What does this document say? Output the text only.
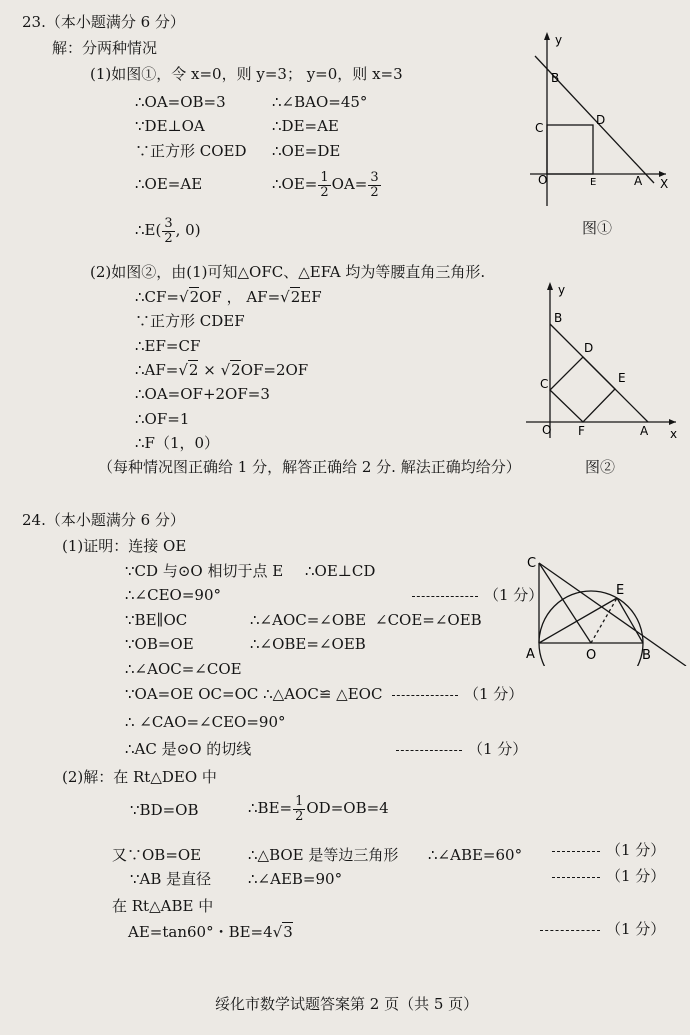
23.（本小题满分 6 分）
解：分两种情况
(1)如图①，令 x=0，则 y=3； y=0，则 x=3
∴OA=OB=3	∴∠BAO=45°
∵DE⊥OA	∴DE=AE
∵正方形 COED ∴OE=DE
∴OE=AE	∴OE= $\frac{1}{2} OA= \frac{3}{2}$
∴E( $\frac{3}{2}$ , 0)
(2)如图②，由(1)可知△OFC、△EFA 均为等腰直角三角形.
∴CF=√2OF ， AF=√2EF
∵正方形 CDEF
∴EF=CF
∴AF=√2 × √2OF=2OF
∴OA=OF+2OF=3
∴OF=1
∴F（1，0）
（每种情况图正确给 1 分，解答正确给 2 分. 解法正确均给分）
y
X
B
C
D
O	E	A
图①
y
x
B
D
E
C
O F	A
图②
24.（本小题满分 6 分）
(1)证明：连接 OE
∵CD 与⊙O 相切于点 E ∴OE⊥CD
∴∠CEO=90°	（1 分）
∵BE∥OC	∴∠AOC=∠OBE ∠COE=∠OEB
∵OB=OE	∴∠OBE=∠OEB
∴∠AOC=∠COE
∵OA=OE OC=OC ∴△AOC≌ △EOC	（1 分）
∴ ∠CAO=∠CEO=90°
∴AC 是⊙O 的切线	（1 分）
(2)解：在 Rt△DEO 中
∵BD=OB	∴BE= $\frac{1}{2} OD=OB=4$
又∵OB=OE	∴△BOE 是等边三角形 ∴∠ABE=60°	（1 分）
∵AB 是直径 ∴∠AEB=90°	（1 分）
在 Rt△ABE 中
AE=tan60°・BE=4√3	（1 分）
C
E
A	O	B
绥化市数学试题答案第 2 页（共 5 页）
